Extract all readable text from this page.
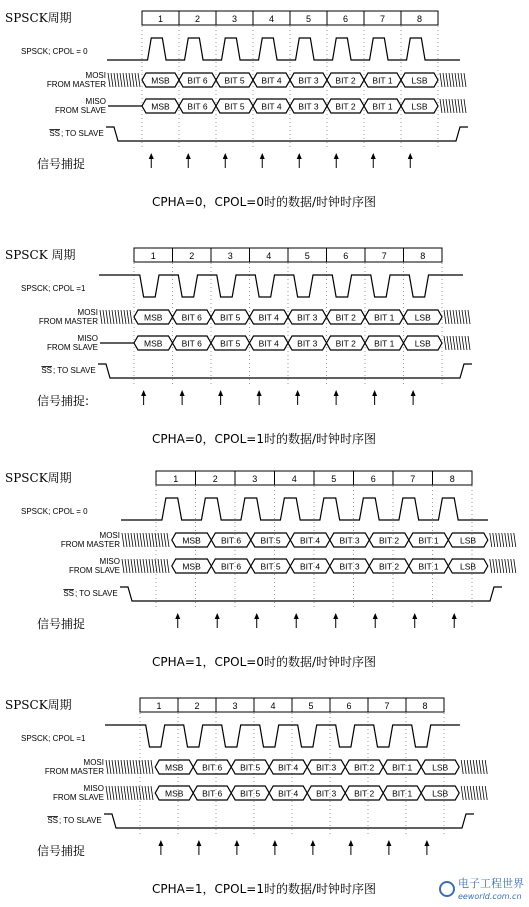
SPSCK周期	1	2	3	4	5	6	7	8
SPSCK; CPOL = 0
MOSI
FROM MASTER	MSB BIT 6 BIT 5 BIT 4 BIT 3 BIT 2 BIT 1 LSB
MISO
FROM SLAVE	MSB BIT 6 BIT 5 BIT 4 BIT 3 BIT 2 BIT 1 LSB
SS ; TO SLAVE
信号捕捉
CPHA=0，CPOL=0时的数据/时钟时序图
SPSCK 周期	1	2	3	4	5	6	7	8
SPSCK; CPOL =1
MOSI
FROM MASTER	MSB BIT 6 BIT 5 BIT 4 BIT 3 BIT 2 BIT 1 LSB
MISO
FROM SLAVE	MSB BIT 6 BIT 5 BIT 4 BIT 3 BIT 2 BIT 1 LSB
SS ; TO SLAVE
信号捕捉:
CPHA=0，CPOL=1时的数据/时钟时序图
SPSCK周期	1	2	3	4	5	6	7	8
SPSCK; CPOL = 0
MOSI
FROM MASTER	MSB BIT 6 BIT 5 BIT 4 BIT 3 BIT 2 BIT 1	LSB
MISO
FROM SLAVE	MSB BIT 6 BIT 5 BIT 4 BIT 3 BIT 2 BIT 1	LSB
SS ; TO SLAVE
信号捕捉
CPHA=1，CPOL=0时的数据/时钟时序图
SPSCK周期	1	2	3	4	5	6	7	8
SPSCK; CPOL =1
MOSI
FROM MASTER	MSB BIT 6 BIT 5 BIT 4 BIT 3 BIT 2 BIT 1 LSB
MISO
FROM SLAVE	MSB BIT 6 BIT 5 BIT 4 BIT 3 BIT 2 BIT 1 LSB
SS ; TO SLAVE
信号捕捉
CPHA=1，CPOL=1时的数据/时钟时序图	电子工程世界
eeworld.com.cn
